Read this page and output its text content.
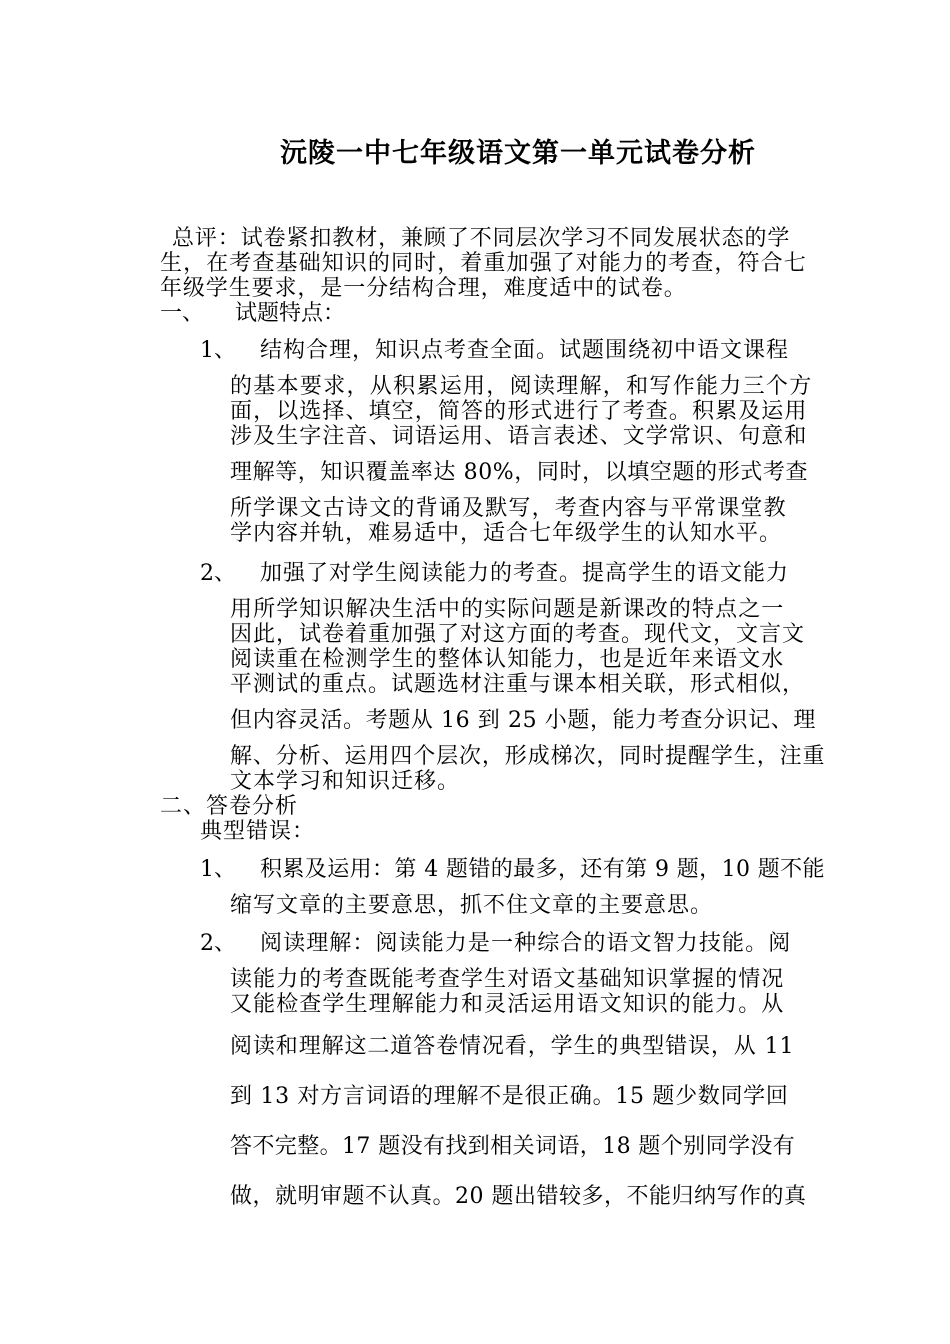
沅陵一中七年级语文第一单元试卷分析
总评：试卷紧扣教材，兼顾了不同层次学习不同发展状态的学
生，在考查基础知识的同时，着重加强了对能力的考查，符合七
年级学生要求，是一分结构合理，难度适中的试卷。
一、 试题特点：
1、 结构合理，知识点考查全面。试题围绕初中语文课程
的基本要求，从积累运用，阅读理解，和写作能力三个方
面，以选择、填空，简答的形式进行了考查。积累及运用
涉及生字注音、词语运用、语言表述、文学常识、句意和
理解等，知识覆盖率达 80%，同时，以填空题的形式考查
所学课文古诗文的背诵及默写，考查内容与平常课堂教
学内容并轨，难易适中，适合七年级学生的认知水平。
2、 加强了对学生阅读能力的考查。提高学生的语文能力
用所学知识解决生活中的实际问题是新课改的特点之一
因此，试卷着重加强了对这方面的考查。现代文，文言文
阅读重在检测学生的整体认知能力，也是近年来语文水
平测试的重点。试题选材注重与课本相关联，形式相似，
但内容灵活。考题从 16 到 25 小题，能力考查分识记、理
解、分析、运用四个层次，形成梯次，同时提醒学生，注重
文本学习和知识迁移。
二、答卷分析
典型错误：
1、 积累及运用：第 4 题错的最多，还有第 9 题，10 题不能
缩写文章的主要意思，抓不住文章的主要意思。
2、 阅读理解：阅读能力是一种综合的语文智力技能。阅
读能力的考查既能考查学生对语文基础知识掌握的情况
又能检查学生理解能力和灵活运用语文知识的能力。从
阅读和理解这二道答卷情况看，学生的典型错误，从 11
到 13 对方言词语的理解不是很正确。15 题少数同学回
答不完整。17 题没有找到相关词语，18 题个别同学没有
做，就明审题不认真。20 题出错较多，不能归纳写作的真
